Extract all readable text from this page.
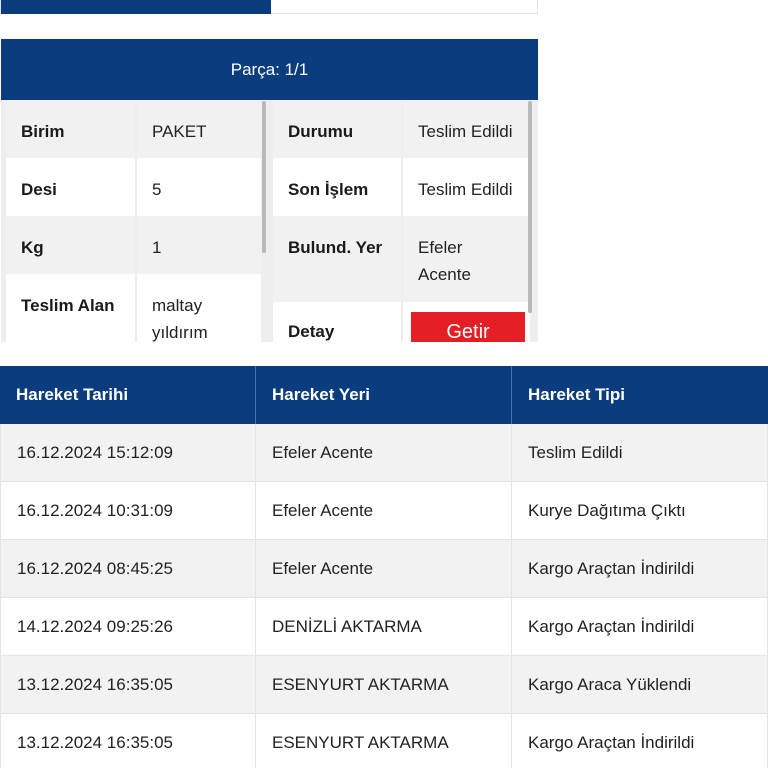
Parça: 1/1
Birim	PAKET
Desi	5
Kg	1
Teslim Alan	maltay yıldırım
Durumu	Teslim Edildi
Son İşlem	Teslim Edildi
Bulund. Yer	Efeler Acente
Detay	Getir
Hareket Tarihi	Hareket Yeri	Hareket Tipi
16.12.2024 15:12:09	Efeler Acente	Teslim Edildi
16.12.2024 10:31:09	Efeler Acente	Kurye Dağıtıma Çıktı
16.12.2024 08:45:25	Efeler Acente	Kargo Araçtan İndirildi
14.12.2024 09:25:26	DENİZLİ AKTARMA	Kargo Araçtan İndirildi
13.12.2024 16:35:05	ESENYURT AKTARMA	Kargo Araca Yüklendi
13.12.2024 16:35:05	ESENYURT AKTARMA	Kargo Araçtan İndirildi
